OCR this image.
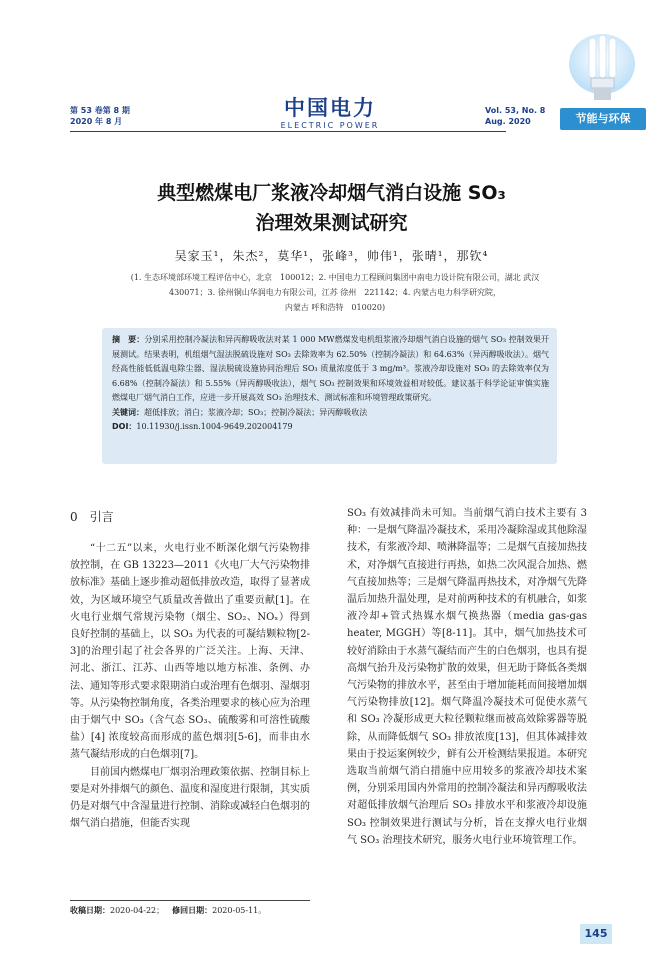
第 53 卷第 8 期
2020 年 8 月
中国电力
ELECTRIC POWER
Vol. 53, No. 8
Aug. 2020	节能与环保
典型燃煤电厂浆液冷却烟气消白设施 SO₃
治理效果测试研究
吴家玉¹，朱杰²，莫华¹，张峰³，帅伟¹，张晴¹，那钦⁴
(1. 生态环境部环境工程评估中心，北京　100012；2. 中国电力工程顾问集团中南电力设计院有限公司，湖北 武汉
430071；3. 徐州铜山华润电力有限公司，江苏 徐州　221142；4. 内蒙古电力科学研究院，
内蒙古 呼和浩特　010020)
摘　要：分别采用控制冷凝法和异丙醇吸收法对某 1 000 MW燃煤发电机组浆液冷却烟气消白设施的烟气 SO₃ 控制效果开展测试。结果表明，机组烟气湿法脱硫设施对 SO₃ 去除效率为 62.50%（控制冷凝法）和 64.63%（异丙醇吸收法）。烟气经高性能低低温电除尘器、湿法脱硫设施协同治理后 SO₃ 质量浓度低于 3 mg/m³。浆液冷却设施对 SO₃ 的去除效率仅为 6.68%（控制冷凝法）和 5.55%（异丙醇吸收法），烟气 SO₃ 控制效果和环境效益相对较低。建议基于科学论证审慎实施燃煤电厂烟气消白工作，应进一步开展高效 SO₃ 治理技术、测试标准和环境管理政策研究。
关键词：超低排放；消白；浆液冷却；SO₃；控制冷凝法；异丙醇吸收法
DOI：10.11930/j.issn.1004-9649.202004179
0　引言

“十二五”以来，火电行业不断深化烟气污染物排放控制，在 GB 13223—2011《火电厂大气污染物排放标准》基础上逐步推动超低排放改造，取得了显著成效，为区域环境空气质量改善做出了重要贡献[1]。在火电行业烟气常规污染物（烟尘、SO₂、NOₓ）得到良好控制的基础上，以 SO₃ 为代表的可凝结颗粒物[2-3]的治理引起了社会各界的广泛关注。上海、天津、河北、浙江、江苏、山西等地以地方标准、条例、办法、通知等形式要求限期消白或治理有色烟羽、湿烟羽等。从污染物控制角度，各类治理要求的核心应为治理由于烟气中 SO₃（含气态 SO₃、硫酸雾和可溶性硫酸盐）[4] 浓度较高而形成的蓝色烟羽[5-6]，而非由水蒸气凝结形成的白色烟羽[7]。

目前国内燃煤电厂烟羽治理政策依据、控制目标上要是对外排烟气的颜色、温度和湿度进行限制，其实质仍是对烟气中含湿量进行控制、消除或减轻白色烟羽的烟气消白措施，但能否实现

SO₃ 有效减排尚未可知。当前烟气消白技术主要有 3 种：一是烟气降温冷凝技术，采用冷凝除湿或其他除湿技术，有浆液冷却、喷淋降温等；二是烟气直接加热技术，对净烟气直接进行再热，如热二次风混合加热、燃气直接加热等；三是烟气降温再热技术，对净烟气先降温后加热升温处理，是对前两种技术的有机融合，如浆液冷却+管式热媒水烟气换热器（media gas-gas heater, MGGH）等[8-11]。其中，烟气加热技术可较好消除由于水蒸气凝结而产生的白色烟羽，也具有提高烟气抬升及污染物扩散的效果，但无助于降低各类烟气污染物的排放水平，甚至由于增加能耗而间接增加烟气污染物排放[12]。烟气降温冷凝技术可促使水蒸气和 SO₃ 冷凝形成更大粒径颗粒继而被高效除雾器等脱除，从而降低烟气 SO₃ 排放浓度[13]，但其体减排效果由于投运案例较少，鲜有公开检测结果报道。本研究选取当前烟气消白措施中应用较多的浆液冷却技术案例，分别采用国内外常用的控制冷凝法和异丙醇吸收法对超低排放烟气治理后 SO₃ 排放水平和浆液冷却设施 SO₃ 控制效果进行测试与分析，旨在支撑火电行业烟气 SO₃ 治理技术研究，服务火电行业环境管理工作。

收稿日期：2020-04-22；  修回日期：2020-05-11。
145
